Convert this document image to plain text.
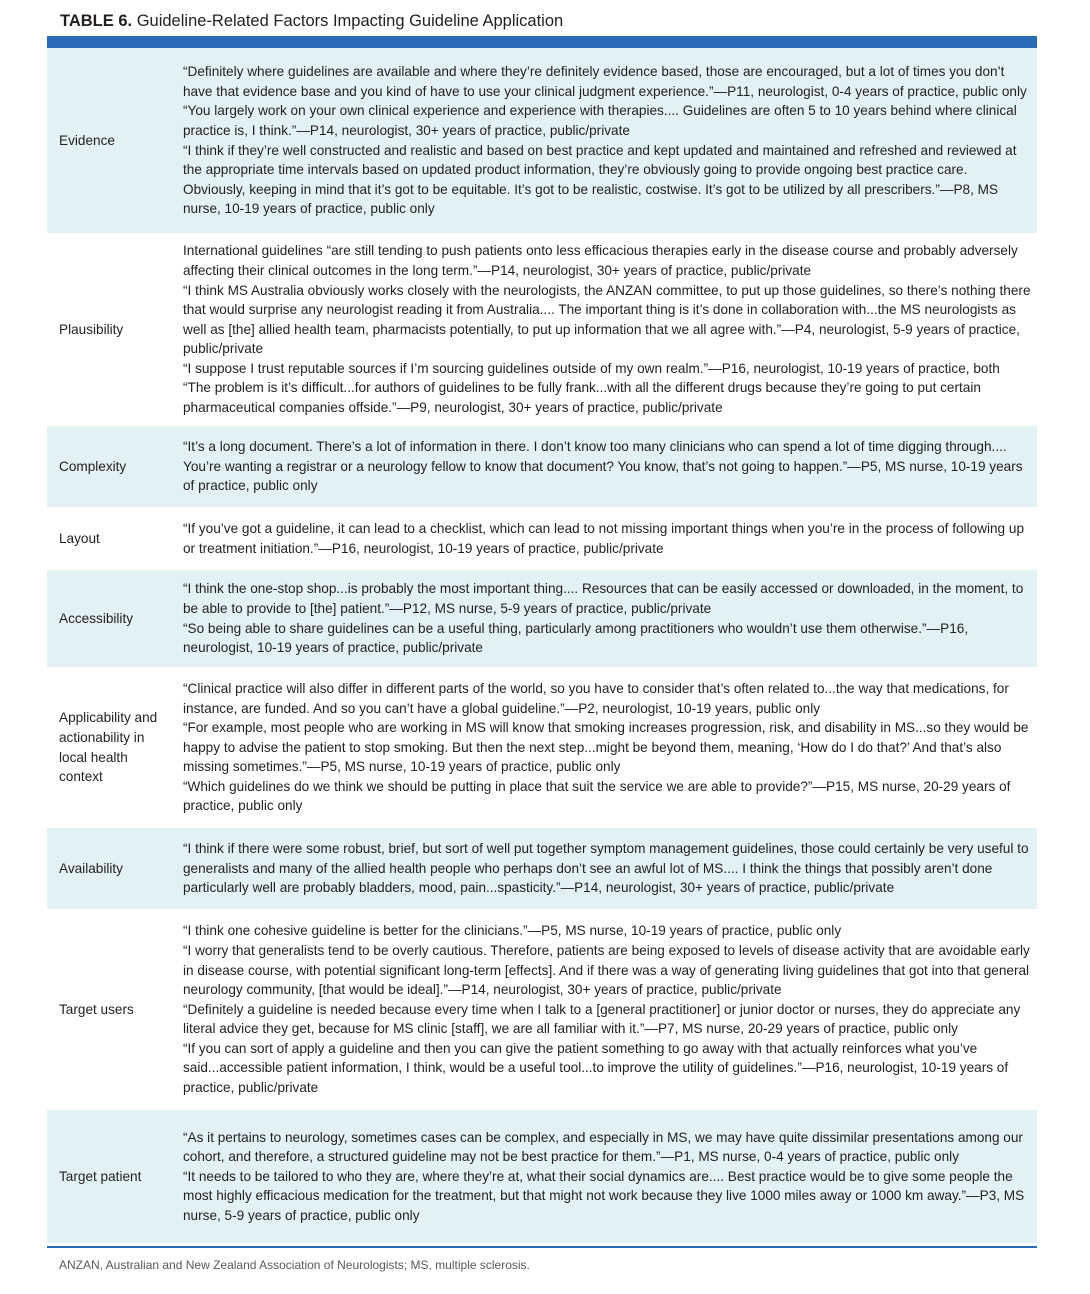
TABLE 6. Guideline-Related Factors Impacting Guideline Application
Evidence

“Definitely where guidelines are available and where they’re definitely evidence based, those are encouraged, but a lot of times you don’t have that evidence base and you kind of have to use your clinical judgment experience.”—P11, neurologist, 0-4 years of practice, public only

“You largely work on your own clinical experience and experience with therapies.... Guidelines are often 5 to 10 years behind where clinical practice is, I think.”—P14, neurologist, 30+ years of practice, public/private

“I think if they’re well constructed and realistic and based on best practice and kept updated and maintained and refreshed and reviewed at the appropriate time intervals based on updated product information, they’re obviously going to provide ongoing best practice care. Obviously, keeping in mind that it’s got to be equitable. It’s got to be realistic, costwise. It’s got to be utilized by all prescribers.”—P8, MS nurse, 10-19 years of practice, public only

Plausibility

International guidelines “are still tending to push patients onto less efficacious therapies early in the disease course and probably adversely affecting their clinical outcomes in the long term.”—P14, neurologist, 30+ years of practice, public/private

“I think MS Australia obviously works closely with the neurologists, the ANZAN committee, to put up those guidelines, so there’s nothing there that would surprise any neurologist reading it from Australia.... The important thing is it’s done in collaboration with...the MS neurologists as well as [the] allied health team, pharmacists potentially, to put up information that we all agree with.”—P4, neurologist, 5-9 years of practice, public/private

“I suppose I trust reputable sources if I’m sourcing guidelines outside of my own realm.”—P16, neurologist, 10-19 years of practice, both

“The problem is it’s difficult...for authors of guidelines to be fully frank...with all the different drugs because they’re going to put certain pharmaceutical companies offside.”—P9, neurologist, 30+ years of practice, public/private

Complexity

“It’s a long document. There’s a lot of information in there. I don’t know too many clinicians who can spend a lot of time digging through.... You’re wanting a registrar or a neurology fellow to know that document? You know, that’s not going to happen.”—P5, MS nurse, 10-19 years of practice, public only

Layout

“If you’ve got a guideline, it can lead to a checklist, which can lead to not missing important things when you’re in the process of following up or treatment initiation.”—P16, neurologist, 10-19 years of practice, public/private

Accessibility

“I think the one-stop shop...is probably the most important thing.... Resources that can be easily accessed or downloaded, in the moment, to be able to provide to [the] patient.”—P12, MS nurse, 5-9 years of practice, public/private

“So being able to share guidelines can be a useful thing, particularly among practitioners who wouldn’t use them otherwise.”—P16, neurologist, 10-19 years of practice, public/private

Applicability and actionability in local health context

“Clinical practice will also differ in different parts of the world, so you have to consider that’s often related to...the way that medications, for instance, are funded. And so you can’t have a global guideline.”—P2, neurologist, 10-19 years, public only

“For example, most people who are working in MS will know that smoking increases progression, risk, and disability in MS...so they would be happy to advise the patient to stop smoking. But then the next step...might be beyond them, meaning, ‘How do I do that?’ And that’s also missing sometimes.”—P5, MS nurse, 10-19 years of practice, public only

“Which guidelines do we think we should be putting in place that suit the service we are able to provide?”—P15, MS nurse, 20-29 years of practice, public only

Availability

“I think if there were some robust, brief, but sort of well put together symptom management guidelines, those could certainly be very useful to generalists and many of the allied health people who perhaps don’t see an awful lot of MS.... I think the things that possibly aren’t done particularly well are probably bladders, mood, pain...spasticity.”—P14, neurologist, 30+ years of practice, public/private

Target users

“I think one cohesive guideline is better for the clinicians.”—P5, MS nurse, 10-19 years of practice, public only

“I worry that generalists tend to be overly cautious. Therefore, patients are being exposed to levels of disease activity that are avoidable early in disease course, with potential significant long-term [effects]. And if there was a way of generating living guidelines that got into that general neurology community, [that would be ideal].”—P14, neurologist, 30+ years of practice, public/private

“Definitely a guideline is needed because every time when I talk to a [general practitioner] or junior doctor or nurses, they do appreciate any literal advice they get, because for MS clinic [staff], we are all familiar with it.”—P7, MS nurse, 20-29 years of practice, public only

“If you can sort of apply a guideline and then you can give the patient something to go away with that actually reinforces what you’ve said...accessible patient information, I think, would be a useful tool...to improve the utility of guidelines.”—P16, neurologist, 10-19 years of practice, public/private

Target patient

“As it pertains to neurology, sometimes cases can be complex, and especially in MS, we may have quite dissimilar presentations among our cohort, and therefore, a structured guideline may not be best practice for them.”—P1, MS nurse, 0-4 years of practice, public only

“It needs to be tailored to who they are, where they’re at, what their social dynamics are.... Best practice would be to give some people the most highly efficacious medication for the treatment, but that might not work because they live 1000 miles away or 1000 km away.”—P3, MS nurse, 5-9 years of practice, public only

ANZAN, Australian and New Zealand Association of Neurologists; MS, multiple sclerosis.
